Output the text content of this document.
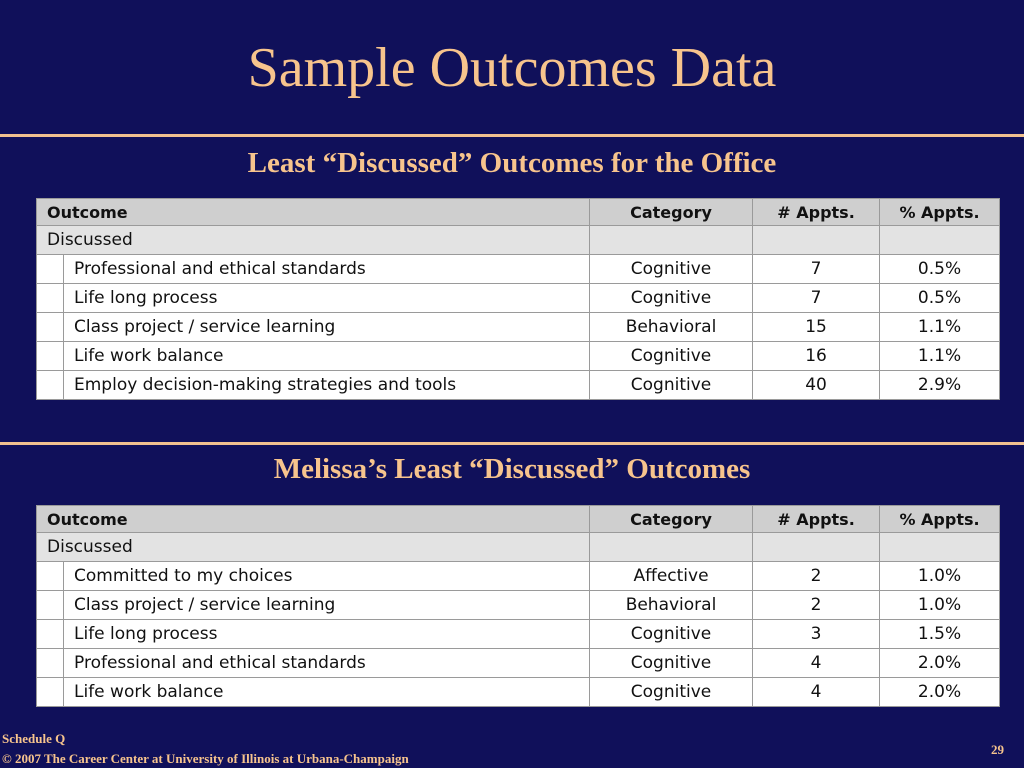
Sample Outcomes Data
Least “Discussed” Outcomes for the Office
Outcome		Category	# Appts.	% Appts.
Discussed				
	Professional and ethical standards	Cognitive	7	0.5%
	Life long process	Cognitive	7	0.5%
	Class project / service learning	Behavioral	15	1.1%
	Life work balance	Cognitive	16	1.1%
	Employ decision-making strategies and tools	Cognitive	40	2.9%
Melissa’s Least “Discussed” Outcomes
Outcome		Category	# Appts.	% Appts.
Discussed				
	Committed to my choices	Affective	2	1.0%
	Class project / service learning	Behavioral	2	1.0%
	Life long process	Cognitive	3	1.5%
	Professional and ethical standards	Cognitive	4	2.0%
	Life work balance	Cognitive	4	2.0%
Schedule Q
© 2007 The Career Center at University of Illinois at Urbana-Champaign
29
